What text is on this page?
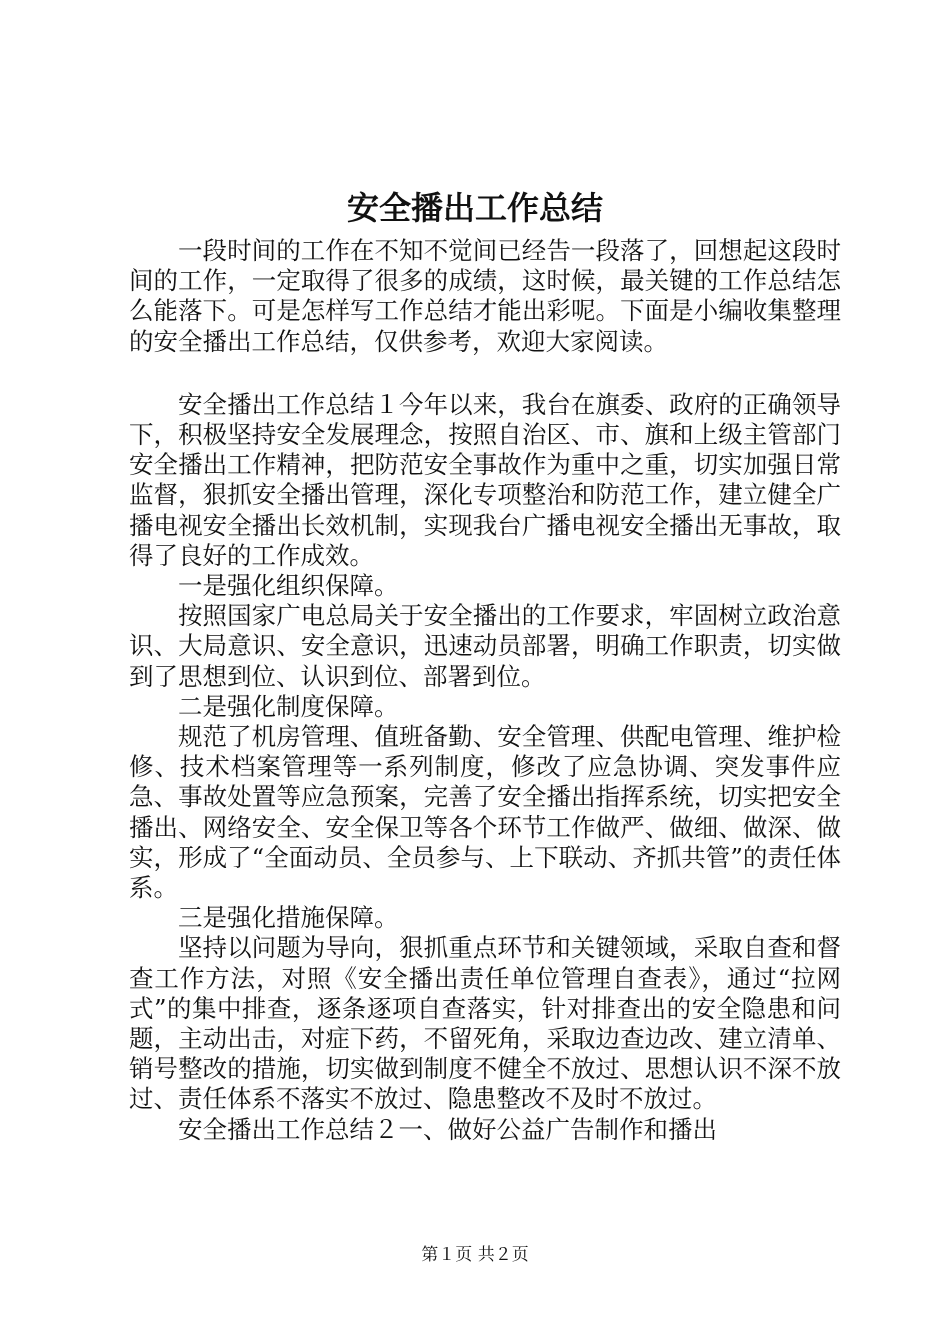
安全播出工作总结

一段时间的工作在不知不觉间已经告一段落了，回想起这段时间的工作，一定取得了很多的成绩，这时候，最关键的工作总结怎么能落下。可是怎样写工作总结才能出彩呢。下面是小编收集整理的安全播出工作总结，仅供参考，欢迎大家阅读。

安全播出工作总结１今年以来，我台在旗委、政府的正确领导下，积极坚持安全发展理念，按照自治区、市、旗和上级主管部门安全播出工作精神，把防范安全事故作为重中之重，切实加强日常监督，狠抓安全播出管理，深化专项整治和防范工作，建立健全广播电视安全播出长效机制，实现我台广播电视安全播出无事故，取得了良好的工作成效。

一是强化组织保障。

按照国家广电总局关于安全播出的工作要求，牢固树立政治意识、大局意识、安全意识，迅速动员部署，明确工作职责，切实做到了思想到位、认识到位、部署到位。

二是强化制度保障。

规范了机房管理、值班备勤、安全管理、供配电管理、维护检修、技术档案管理等一系列制度，修改了应急协调、突发事件应急、事故处置等应急预案，完善了安全播出指挥系统，切实把安全播出、网络安全、安全保卫等各个环节工作做严、做细、做深、做实，形成了“全面动员、全员参与、上下联动、齐抓共管”的责任体系。

三是强化措施保障。

坚持以问题为导向，狠抓重点环节和关键领域，采取自查和督查工作方法，对照《安全播出责任单位管理自查表》，通过“拉网式”的集中排查，逐条逐项自查落实，针对排查出的安全隐患和问题，主动出击，对症下药，不留死角，采取边查边改、建立清单、销号整改的措施，切实做到制度不健全不放过、思想认识不深不放过、责任体系不落实不放过、隐患整改不及时不放过。

安全播出工作总结２一、做好公益广告制作和播出

第１页 共２页
